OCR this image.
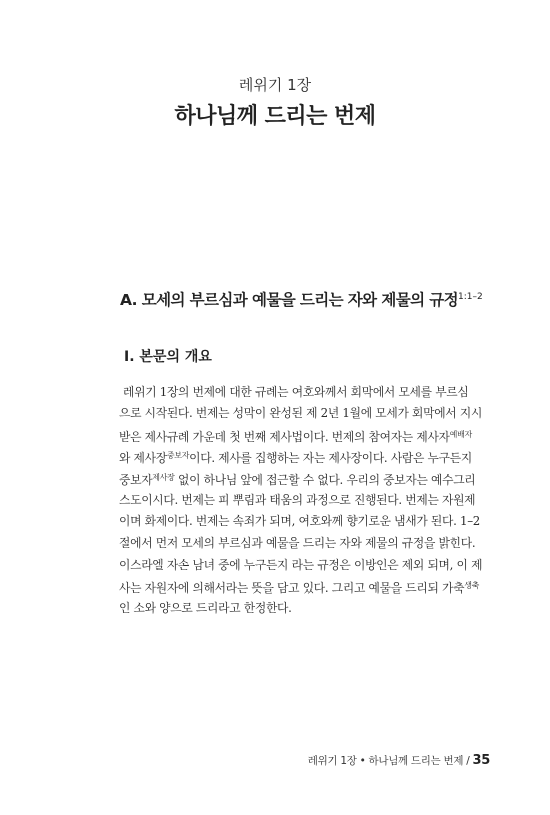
레위기 1장
하나님께 드리는 번제
A. 모세의 부르심과 예물을 드리는 자와 제물의 규정$^{1:1-2}$
Ⅰ. 본문의 개요
레위기 1장의 번제에 대한 규례는 여호와께서 회막에서 모세를 부르심
으로 시작된다. 번제는 성막이 완성된 제 2년 1월에 모세가 회막에서 지시
받은 제사규례 가운데 첫 번째 제사법이다. 번제의 참여자는 제사자$^{예배자}$
와 제사장$^{중보자}$이다. 제사를 집행하는 자는 제사장이다. 사람은 누구든지
중보자$^{제사장}$ 없이 하나님 앞에 접근할 수 없다. 우리의 중보자는 예수그리
스도이시다. 번제는 피 뿌림과 태움의 과정으로 진행된다. 번제는 자원제
이며 화제이다. 번제는 속죄가 되며, 여호와께 향기로운 냄새가 된다. 1–2
절에서 먼저 모세의 부르심과 예물을 드리는 자와 제물의 규정을 밝힌다.
이스라엘 자손 남녀 중에 누구든지 라는 규정은 이방인은 제외 되며, 이 제
사는 자원자에 의해서라는 뜻을 담고 있다. 그리고 예물을 드리되 가축$^{생축}$
인 소와 양으로 드리라고 한정한다.
레위기 1장 • 하나님께 드리는 번제 / 35
